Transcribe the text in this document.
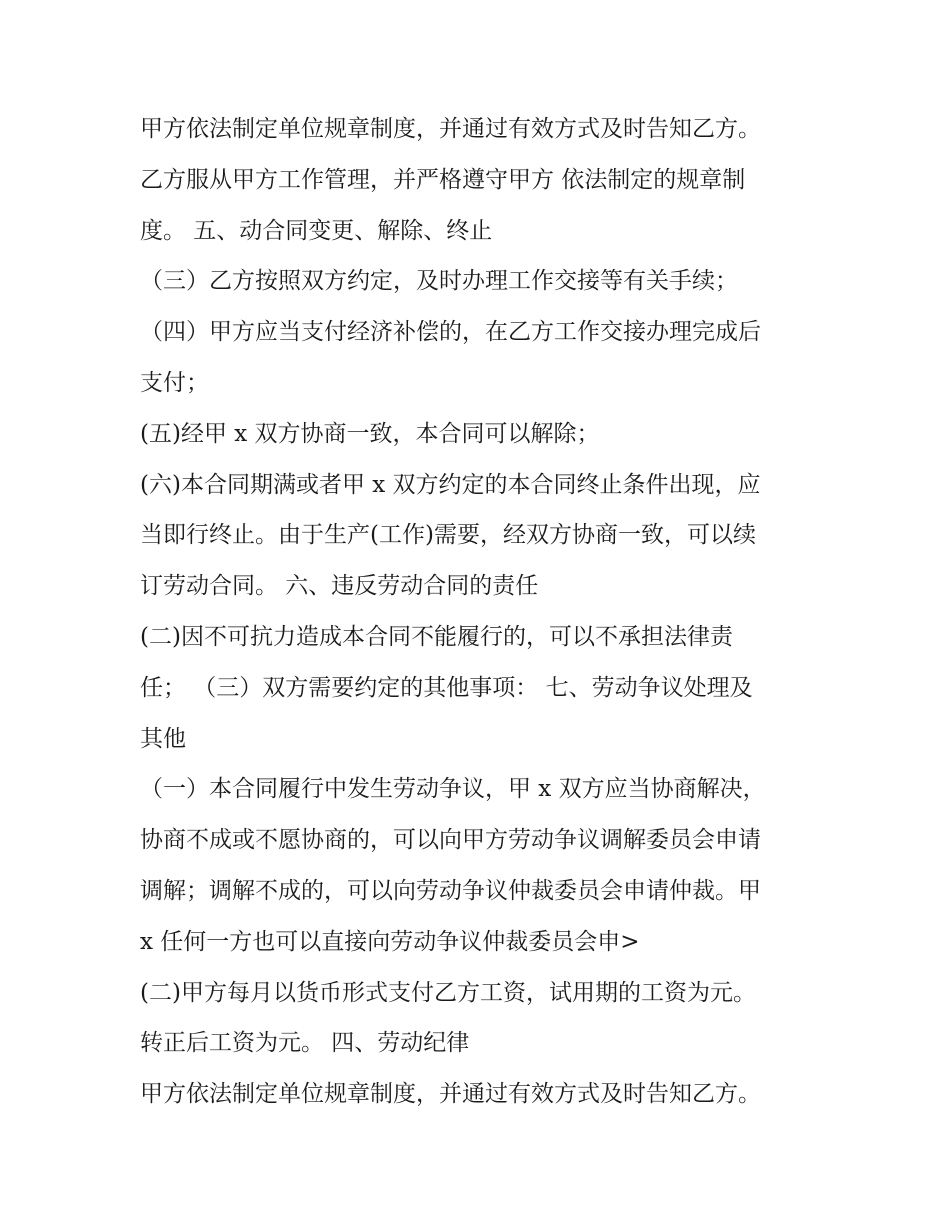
甲方依法制定单位规章制度，并通过有效方式及时告知乙方。
乙方服从甲方工作管理，并严格遵守甲方 依法制定的规章制
度。 五、动合同变更、解除、终止
（三）乙方按照双方约定，及时办理工作交接等有关手续；
（四）甲方应当支付经济补偿的，在乙方工作交接办理完成后
支付；
(五)经甲 x 双方协商一致，本合同可以解除；
(六)本合同期满或者甲 x 双方约定的本合同终止条件出现，应
当即行终止。由于生产(工作)需要，经双方协商一致，可以续
订劳动合同。 六、违反劳动合同的责任
(二)因不可抗力造成本合同不能履行的，可以不承担法律责
任； （三）双方需要约定的其他事项： 七、劳动争议处理及
其他
（一）本合同履行中发生劳动争议，甲 x 双方应当协商解决，
协商不成或不愿协商的，可以向甲方劳动争议调解委员会申请
调解；调解不成的，可以向劳动争议仲裁委员会申请仲裁。甲
x 任何一方也可以直接向劳动争议仲裁委员会申>
(二)甲方每月以货币形式支付乙方工资，试用期的工资为元。
转正后工资为元。 四、劳动纪律
甲方依法制定单位规章制度，并通过有效方式及时告知乙方。
